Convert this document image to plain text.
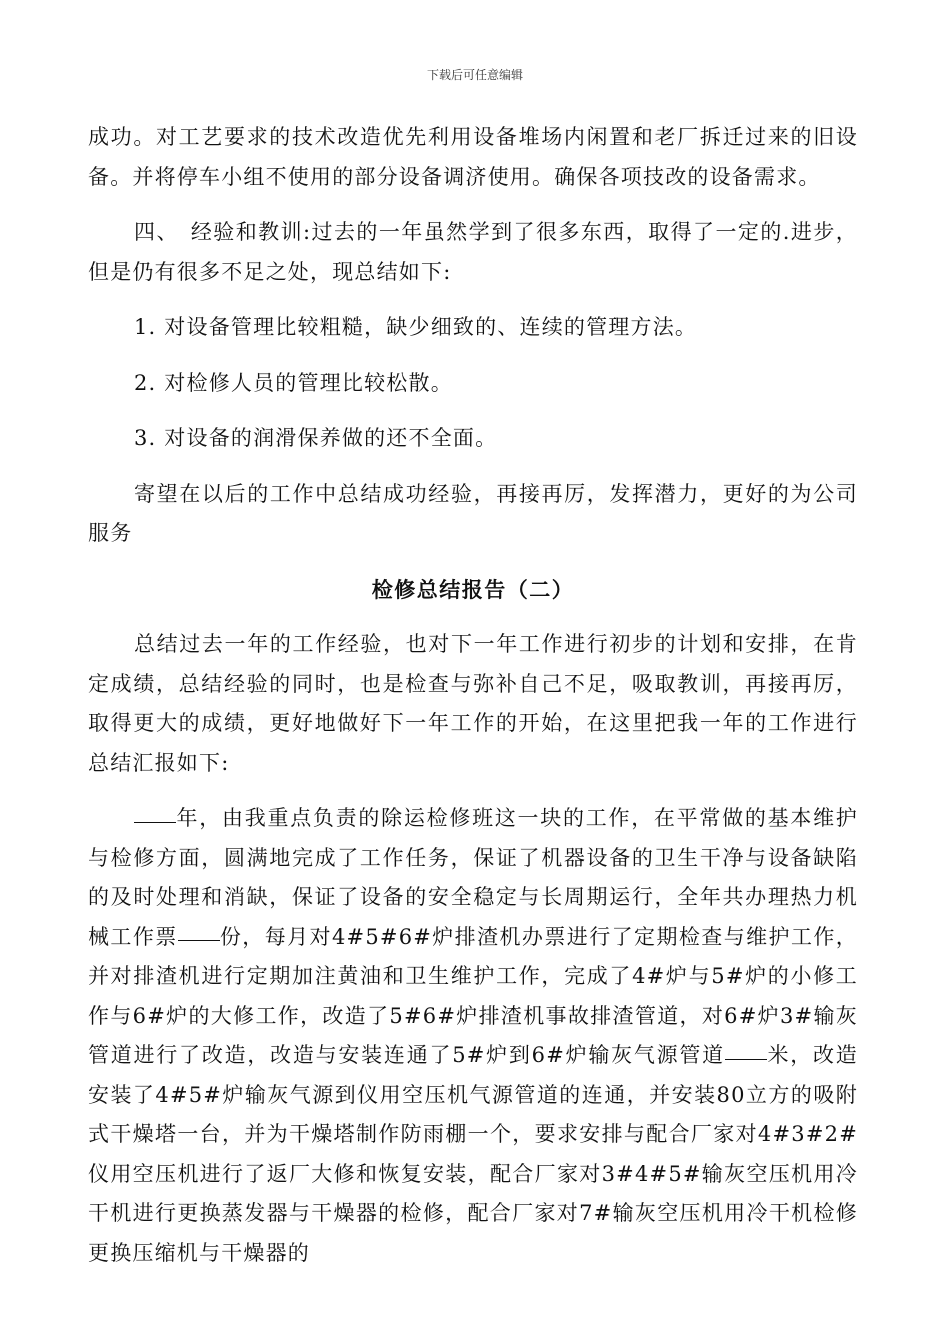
下载后可任意编辑

成功。对工艺要求的技术改造优先利用设备堆场内闲置和老厂拆迁过来的旧设备。并将停车小组不使用的部分设备调济使用。确保各项技改的设备需求。

四、　经验和教训:过去的一年虽然学到了很多东西，取得了一定的.进步，但是仍有很多不足之处，现总结如下:

1. 对设备管理比较粗糙，缺少细致的、连续的管理方法。

2. 对检修人员的管理比较松散。

3. 对设备的润滑保养做的还不全面。

寄望在以后的工作中总结成功经验，再接再厉，发挥潜力，更好的为公司服务

检修总结报告（二）

总结过去一年的工作经验，也对下一年工作进行初步的计划和安排，在肯定成绩，总结经验的同时，也是检查与弥补自己不足，吸取教训，再接再厉，取得更大的成绩，更好地做好下一年工作的开始，在这里把我一年的工作进行总结汇报如下:

年，由我重点负责的除运检修班这一块的工作，在平常做的基本维护与检修方面，圆满地完成了工作任务，保证了机器设备的卫生干净与设备缺陷的及时处理和消缺，保证了设备的安全稳定与长周期运行，全年共办理热力机械工作票 份，每月对4#5#6#炉排渣机办票进行了定期检查与维护工作，并对排渣机进行定期加注黄油和卫生维护工作，完成了4#炉与5#炉的小修工作与6#炉的大修工作，改造了5#6#炉排渣机事故排渣管道，对6#炉3#输灰管道进行了改造，改造与安装连通了5#炉到6#炉输灰气源管道 米，改造安装了4#5#炉输灰气源到仪用空压机气源管道的连通，并安装80立方的吸附式干燥塔一台，并为干燥塔制作防雨棚一个，要求安排与配合厂家对4#3#2#仪用空压机进行了返厂大修和恢复安装，配合厂家对3#4#5#输灰空压机用冷干机进行更换蒸发器与干燥器的检修，配合厂家对7#输灰空压机用冷干机检修更换压缩机与干燥器的
